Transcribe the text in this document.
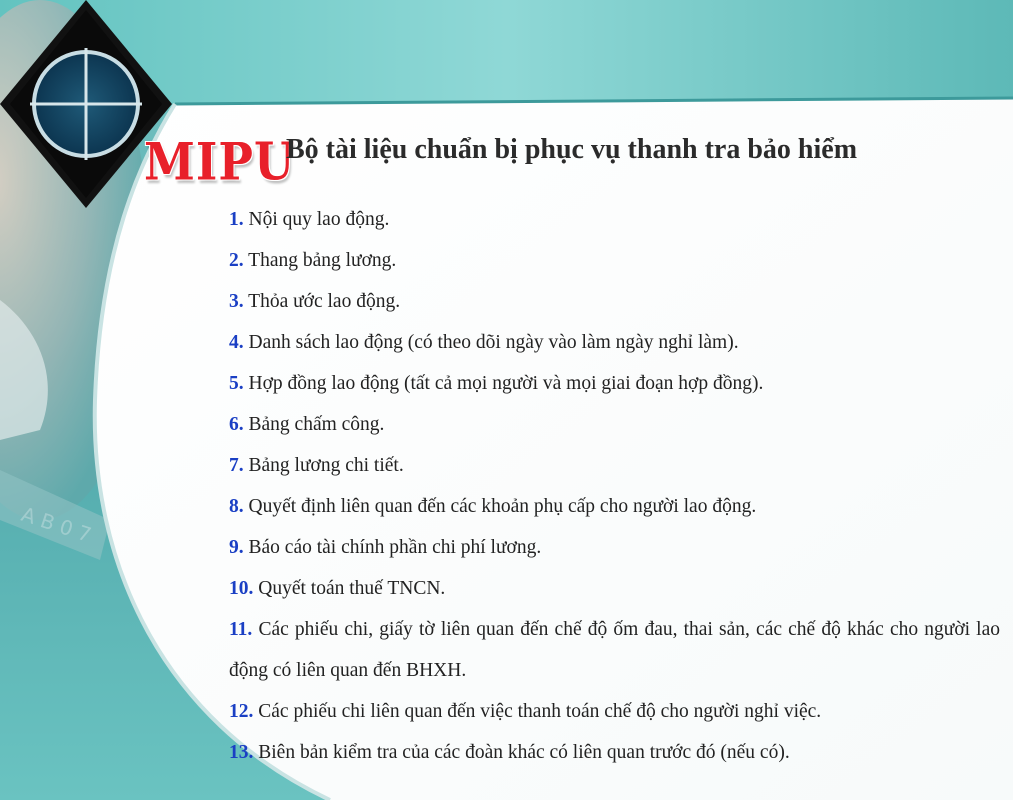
A B 0 7
MIPU
Bộ tài liệu chuẩn bị phục vụ thanh tra bảo hiểm
1. Nội quy lao động.
2. Thang bảng lương.
3. Thỏa ước lao động.
4. Danh sách lao động (có theo dõi ngày vào làm ngày nghỉ làm).
5. Hợp đồng lao động (tất cả mọi người và mọi giai đoạn hợp đồng).
6. Bảng chấm công.
7. Bảng lương chi tiết.
8. Quyết định liên quan đến các khoản phụ cấp cho người lao động.
9. Báo cáo tài chính phần chi phí lương.
10. Quyết toán thuế TNCN.
11. Các phiếu chi, giấy tờ liên quan đến chế độ ốm đau, thai sản, các chế độ khác cho người lao động có liên quan đến BHXH.
12. Các phiếu chi liên quan đến việc thanh toán chế độ cho người nghỉ việc.
13. Biên bản kiểm tra của các đoàn khác có liên quan trước đó (nếu có).
